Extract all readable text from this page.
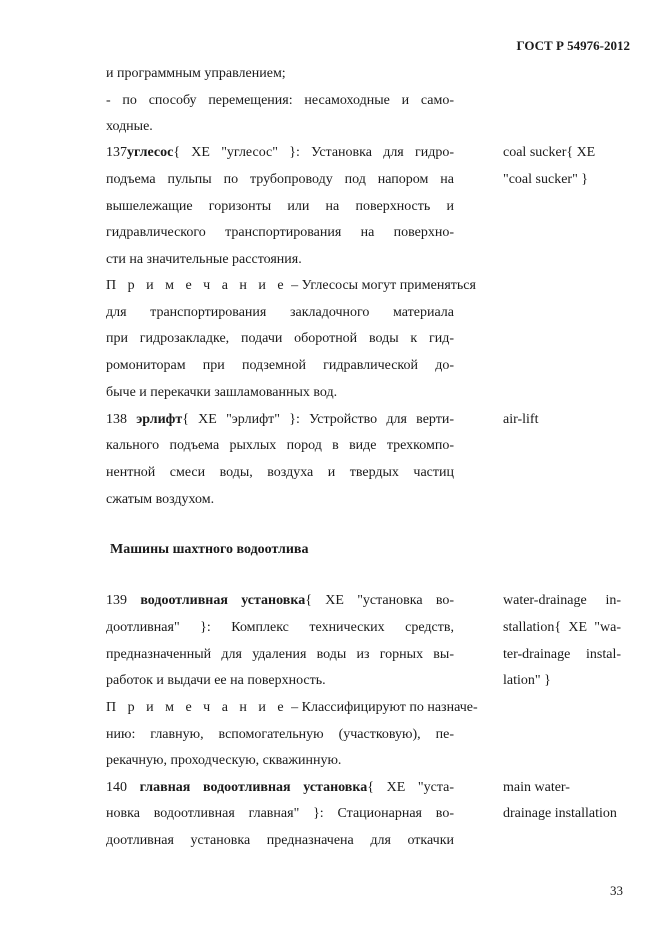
ГОСТ Р 54976-2012
и программным управлением;
- по способу перемещения: несамоходные и само-
ходные.
137углесос{ ХЕ "углесос" }: Установка для гидро-
подъема пульпы по трубопроводу под напором на
вышележащие горизонты или на поверхность и
гидравлического транспортирования на поверхно-
сти на значительные расстояния.
П р и м е ч а н и е – Углесосы могут применяться
для транспортирования закладочного материала
при гидрозакладке, подачи оборотной воды к гид-
ромониторам при подземной гидравлической до-
быче и перекачки зашламованных вод.
coal sucker{ ХЕ
"coal sucker" }
138 эрлифт{ ХЕ "эрлифт" }: Устройство для верти-
кального подъема рыхлых пород в виде трехкомпо-
нентной смеси воды, воздуха и твердых частиц
сжатым воздухом.
air-lift
Машины шахтного водоотлива
139 водоотливная установка{ ХЕ "установка во-
доотливная" }: Комплекс технических средств,
предназначенный для удаления воды из горных вы-
работок и выдачи ее на поверхность.
П р и м е ч а н и е – Классифицируют по назначе-
нию: главную, вспомогательную (участковую), пе-
рекачную, проходческую, скважинную.
water-drainage in-
stallation{ ХЕ "wa-
ter-drainage instal-
lation" }
140 главная водоотливная установка{ ХЕ "уста-
новка водоотливная главная" }: Стационарная во-
доотливная установка предназначена для откачки
main water-
drainage installation
33
